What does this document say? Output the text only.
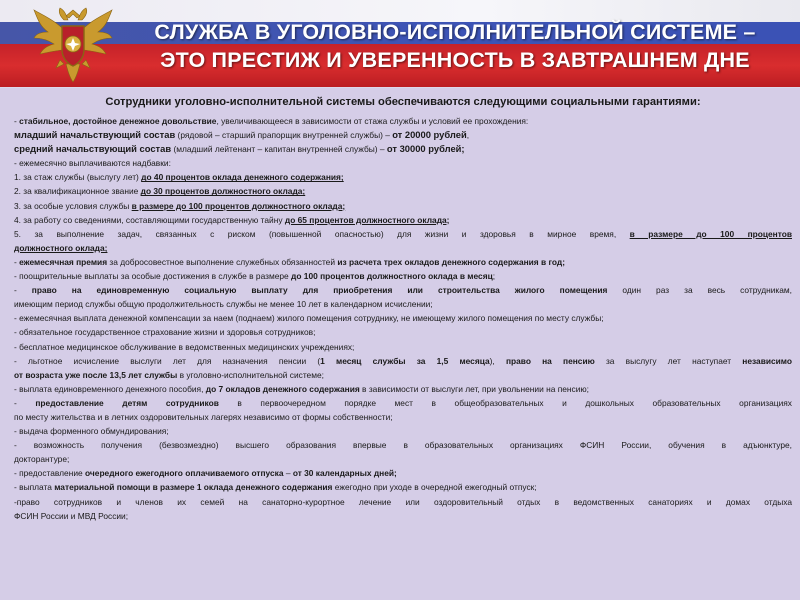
СЛУЖБА В УГОЛОВНО-ИСПОЛНИТЕЛЬНОЙ СИСТЕМЕ –
ЭТО ПРЕСТИЖ И УВЕРЕННОСТЬ В ЗАВТРАШНЕМ ДНЕ
Сотрудники уголовно-исполнительной системы обеспечиваются следующими социальными гарантиями:
- стабильное, достойное денежное довольствие, увеличивающееся в зависимости от стажа службы и условий ее прохождения:
младший начальствующий состав (рядовой – старший прапорщик внутренней службы) – от 20000 рублей,
средний начальствующий состав (младший лейтенант – капитан внутренней службы) – от 30000 рублей;
- ежемесячно выплачиваются надбавки:
1. за стаж службы (выслугу лет) до 40 процентов оклада денежного содержания;
2. за квалификационное звание до 30 процентов должностного оклада;
3. за особые условия службы в размере до 100 процентов должностного оклада;
4. за работу со сведениями, составляющими государственную тайну до 65 процентов должностного оклада;
5. за выполнение задач, связанных с риском (повышенной опасностью) для жизни и здоровья в мирное время, в размере до 100 процентов
должностного оклада;
- ежемесячная премия за добросовестное выполнение служебных обязанностей из расчета трех окладов денежного содержания в год;
- поощрительные выплаты за особые достижения в службе в размере до 100 процентов должностного оклада в месяц;
- право на единовременную социальную выплату для приобретения или строительства жилого помещения один раз за весь сотрудникам,
имеющим период службы общую продолжительность службы не менее 10 лет в календарном исчислении;
- ежемесячная выплата денежной компенсации за наем (поднаем) жилого помещения сотруднику, не имеющему жилого помещения по месту службы;
- обязательное государственное страхование жизни и здоровья сотрудников;
- бесплатное медицинское обслуживание в ведомственных медицинских учреждениях;
- льготное исчисление выслуги лет для назначения пенсии (1 месяц службы за 1,5 месяца), право на пенсию за выслугу лет наступает независимо
от возраста уже после 13,5 лет службы в уголовно-исполнительной системе;
- выплата единовременного денежного пособия, до 7 окладов денежного содержания в зависимости от выслуги лет, при увольнении на пенсию;
- предоставление детям сотрудников в первоочередном порядке мест в общеобразовательных и дошкольных образовательных организациях
по месту жительства и в летних оздоровительных лагерях независимо от формы собственности;
- выдача форменного обмундирования;
- возможность получения (безвозмездно) высшего образования впервые в образовательных организациях ФСИН России, обучения в адъюнктуре,
докторантуре;
- предоставление очередного ежегодного оплачиваемого отпуска – от 30 календарных дней;
- выплата материальной помощи в размере 1 оклада денежного содержания ежегодно при уходе в очередной ежегодный отпуск;
-право сотрудников и членов их семей на санаторно-курортное лечение или оздоровительный отдых в ведомственных санаториях и домах отдыха
ФСИН России и МВД России;
